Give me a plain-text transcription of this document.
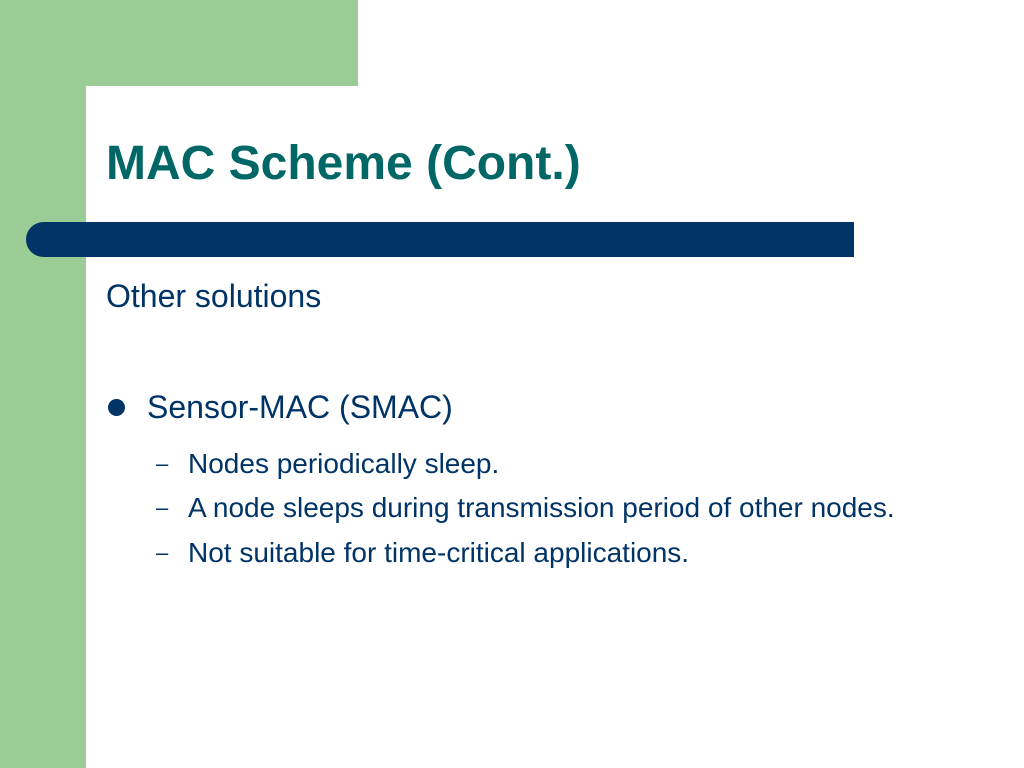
MAC Scheme (Cont.)
Other solutions
Sensor-MAC (SMAC)
– Nodes periodically sleep.
– A node sleeps during transmission period of other nodes.
– Not suitable for time-critical applications.
